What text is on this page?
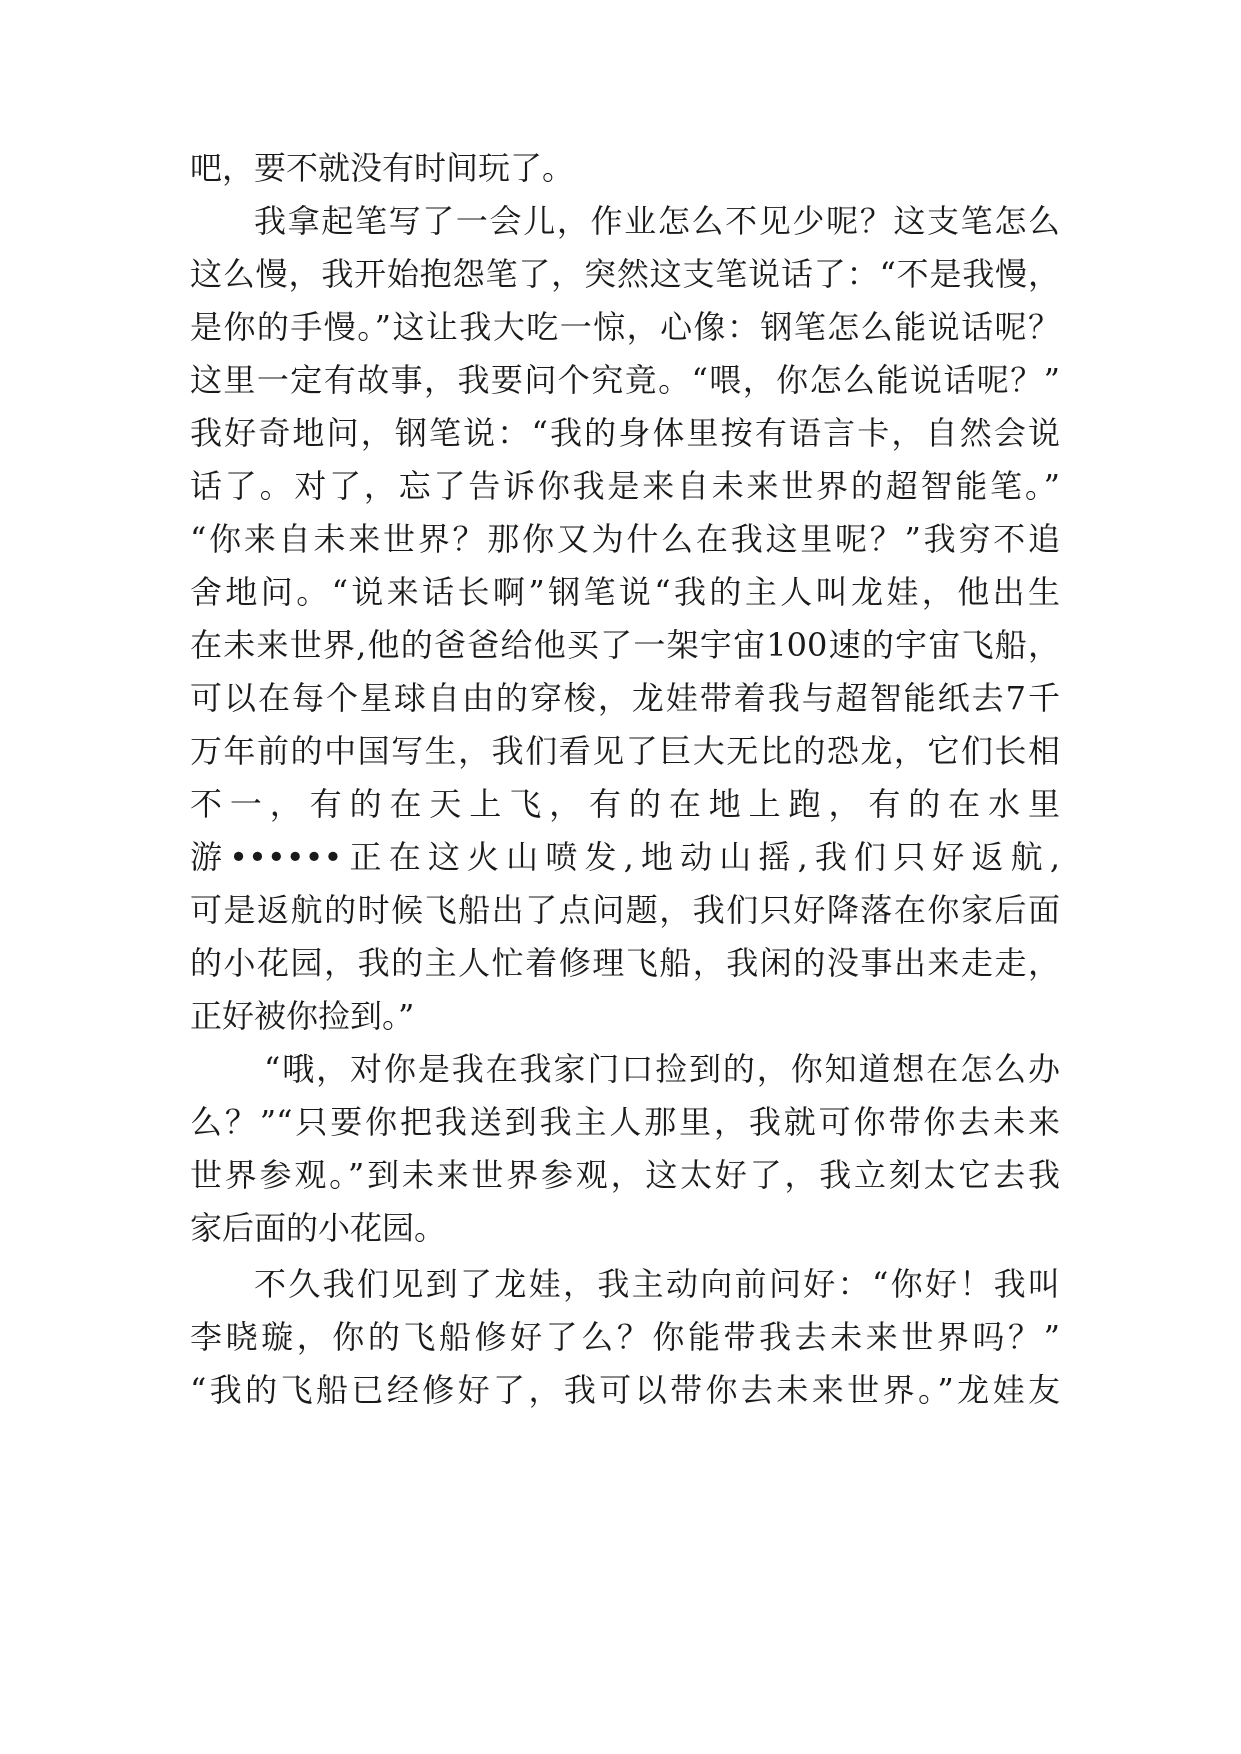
吧，要不就没有时间玩了。
我拿起笔写了一会儿，作业怎么不见少呢？这支笔怎么
这么慢，我开始抱怨笔了，突然这支笔说话了：“不是我慢，
是你的手慢。”这让我大吃一惊，心像：钢笔怎么能说话呢？
这里一定有故事，我要问个究竟。“喂，你怎么能说话呢？”
我好奇地问，钢笔说：“我的身体里按有语言卡，自然会说
话了。对了，忘了告诉你我是来自未来世界的超智能笔。”
“你来自未来世界？那你又为什么在我这里呢？”我穷不追
舍地问。“说来话长啊”钢笔说“我的主人叫龙娃，他出生
在未来世界,他的爸爸给他买了一架宇宙100速的宇宙飞船，
可以在每个星球自由的穿梭，龙娃带着我与超智能纸去7千
万年前的中国写生，我们看见了巨大无比的恐龙，它们长相
不一，有的在天上飞，有的在地上跑，有的在水里
游••••••正在这火山喷发,地动山摇,我们只好返航,
可是返航的时候飞船出了点问题，我们只好降落在你家后面
的小花园，我的主人忙着修理飞船，我闲的没事出来走走，
正好被你捡到。”
“哦，对你是我在我家门口捡到的，你知道想在怎么办
么？”“只要你把我送到我主人那里，我就可你带你去未来
世界参观。”到未来世界参观，这太好了，我立刻太它去我
家后面的小花园。
不久我们见到了龙娃，我主动向前问好：“你好！我叫
李晓璇，你的飞船修好了么？你能带我去未来世界吗？”
“我的飞船已经修好了，我可以带你去未来世界。”龙娃友
